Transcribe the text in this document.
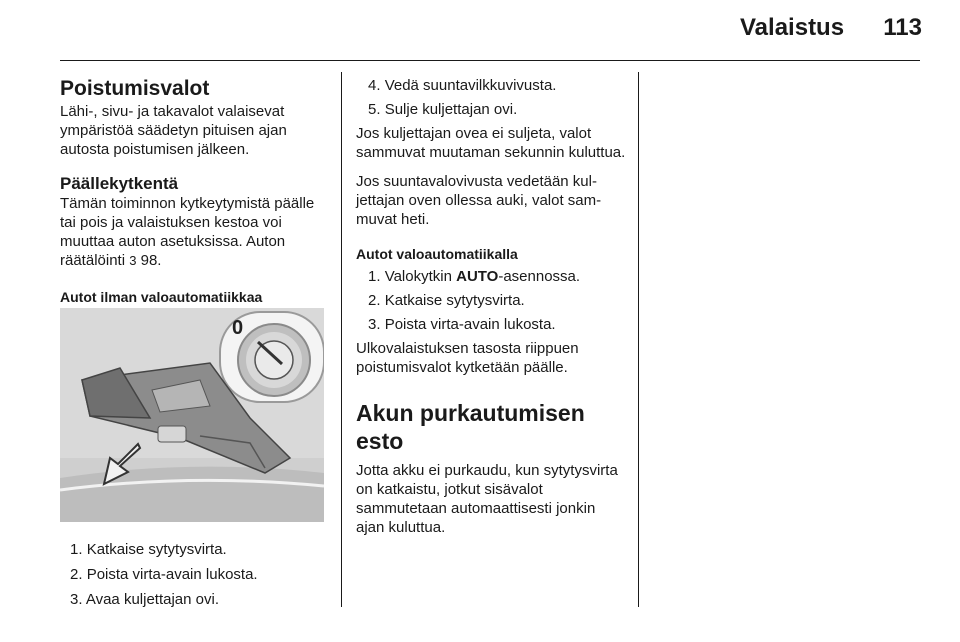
Valaistus	113
Poistumisvalot

Lähi-, sivu- ja takavalot valaisevat ympäristöä säädetyn pituisen ajan autosta poistumisen jälkeen.

Päällekytkentä

Tämän toiminnon kytkeytymistä päälle tai pois ja valaistuksen kestoa voi muuttaa auton asetuksissa. Auton räätälöinti 3 98.

Autot ilman valoautomatiikkaa
0
1. Katkaise sytytysvirta.
2. Poista virta-avain lukosta.
3. Avaa kuljettajan ovi.
4. Vedä suuntavilkkuvivusta.
5. Sulje kuljettajan ovi.

Jos kuljettajan ovea ei suljeta, valot sammuvat muutaman sekunnin kuluttua.

Jos suuntavalovivusta vedetään kuljettajan oven ollessa auki, valot sammuvat heti.

Autot valoautomatiikalla
1. Valokytkin AUTO-asennossa.
2. Katkaise sytytysvirta.
3. Poista virta-avain lukosta.

Ulkovalaistuksen tasosta riippuen poistumisvalot kytketään päälle.

Akun purkautumisen esto

Jotta akku ei purkaudu, kun sytytysvirta on katkaistu, jotkut sisävalot sammutetaan automaattisesti jonkin ajan kuluttua.
